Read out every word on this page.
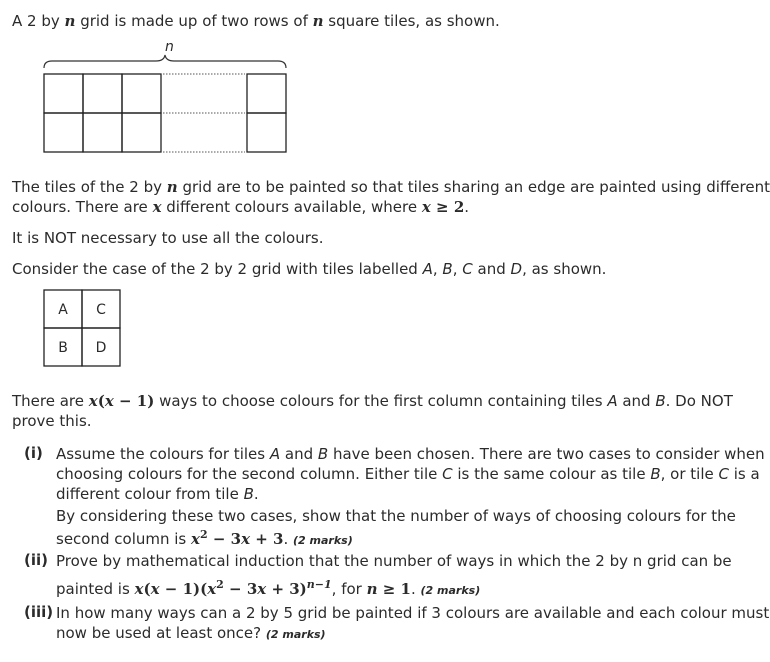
A 2 by n grid is made up of two rows of n square tiles, as shown.
n
The tiles of the 2 by n grid are to be painted so that tiles sharing an edge are painted using different
colours. There are x different colours available, where x ≥ 2.
It is NOT necessary to use all the colours.
Consider the case of the 2 by 2 grid with tiles labelled A, B, C and D, as shown.
A C
B D
There are x(x − 1) ways to choose colours for the first column containing tiles A and B. Do NOT
prove this.
(i) Assume the colours for tiles A and B have been chosen. There are two cases to consider when
choosing colours for the second column. Either tile C is the same colour as tile B, or tile C is a
different colour from tile B.
By considering these two cases, show that the number of ways of choosing colours for the
second column is $x^2 - 3x + 3$. (2 marks)
(ii) Prove by mathematical induction that the number of ways in which the 2 by n grid can be
painted is $x(x - 1)(x^2 - 3x + 3)^{n-1}$, for n ≥ 1. (2 marks)
(iii) In how many ways can a 2 by 5 grid be painted if 3 colours are available and each colour must
now be used at least once? (2 marks)
